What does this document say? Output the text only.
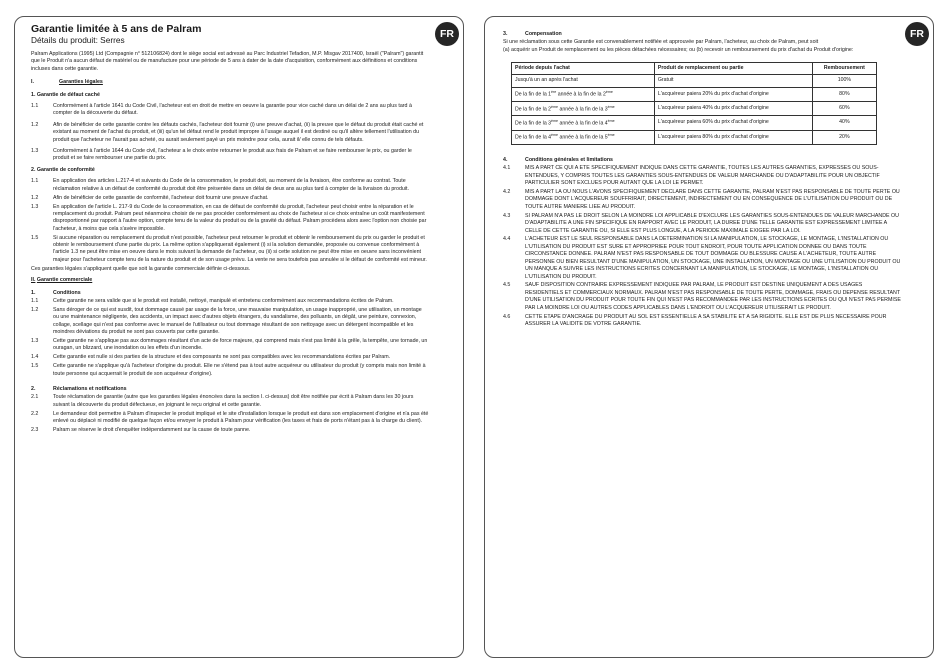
FR
Garantie limitée à 5 ans de Palram
Détails du produit: Serres
Palram Applications (1995) Ltd (Compagnie n° 512106824) dont le siège social est adressé au Parc Industriel Tefadion, M.P. Misgav 2017400, Israël ("Palram") garantit que le Produit n'a aucun défaut de matériel ou de manufacture pour une période de 5 ans à dater de la date d'acquisition, conformément aux définitions et conditions incluses dans cette garantie.
I.	Garanties légales
1. Garantie de défaut caché
1.1	Conformément à l'article 1641 du Code Civil, l'acheteur est en droit de mettre en oeuvre la garantie pour vice caché dans un délai de 2 ans au plus tard à compter de la découverte du défaut.
1.2	Afin de bénéficier de cette garantie contre les défauts cachés, l'acheteur doit fournir (i) une preuve d'achat, (ii) la preuve que le défaut du produit était caché et existant au moment de l'achat du produit, et (iii) qu'un tel défaut rend le produit impropre à l'usage auquel il est destiné ou qu'il altère tellement l'utilisation du produit que l'acheteur ne l'aurait pas acheté, ou aurait seulement payé un prix moindre pour cela, aurait il/ elle connu de tels défauts.
1.3	Conformément à l'article 1644 du Code civil, l'acheteur a le choix entre retourner le produit aux frais de Palram et se faire rembourser le prix, ou garder le produit et se faire rembourser une partie du prix.
2. Garantie de conformité
1.1	En application des articles L.217-4 et suivants du Code de la consommation, le produit doit, au moment de la livraison, être conforme au contrat. Toute réclamation relative à un défaut de conformité du produit doit être présentée dans un délai de deux ans au plus tard à compter de la livraison du produit.
1.2	Afin de bénéficier de cette garantie de conformité, l'acheteur doit fournir une preuve d'achat.
1.3	En application de l'article L. 217-9 du Code de la consommation, en cas de défaut de conformité du produit, l'acheteur peut choisir entre la réparation et le remplacement du produit. Palram peut néanmoins choisir de ne pas procéder conformément au choix de l'acheteur si ce choix entraîne un coût manifestement disproportionné par rapport à l'autre option, compte tenu de la valeur du produit ou de la gravité du défaut. Palram procèdera alors avec l'option non choisie par l'acheteur, à moins que cela s'avère impossible.
1.5	Si aucune réparation ou remplacement du produit n'est possible, l'acheteur peut retourner le produit et obtenir le remboursement du prix ou garder le produit et obtenir le remboursement d'une partie du prix. La même option s'appliquerait également (i) si la solution demandée, proposée ou convenue conformément à l'article 1.3 ne peut être mise en oeuvre dans le mois suivant la demande de l'acheteur, ou (ii) si cette solution ne peut être mise en oeuvre sans inconvénient majeur pour l'acheteur compte tenu de la nature du produit et de son usage prévu. La vente ne sera toutefois pas annulée si le défaut de conformité est mineur.
Ces garanties légales s'appliquent quelle que soit la garantie commerciale définie ci-dessous.
II.
Garantie commerciale
1.	Conditions
1.1	Cette garantie ne sera valide que si le produit est installé, nettoyé, manipulé et entretenu conformément aux recommandations écrites de Palram.
1.2	Sans déroger de ce qui est susdit, tout dommage causé par usage de la force, une mauvaise manipulation, un usage inapproprié, une utilisation, un montage ou une maintenance négligente, des accidents, un impact avec d'autres objets étrangers, du vandalisme, des polluants, un dégât, une peinture, connexion, collage, scellage qui n'est pas conforme avec le manuel de l'utilisateur ou tout dommage résultant de son nettoyage avec un détergent incompatible et les moindres déviations du produit ne sont pas couverts par cette garantie.
1.3	Cette garantie ne s'applique pas aux dommages résultant d'un acte de force majeure, qui comprend mais n'est pas limité à la grêle, la tempête, une tornade, un ouragan, un blizzard, une inondation ou les effets d'un incendie.
1.4	Cette garantie est nulle si des parties de la structure et des composants ne sont pas compatibles avec les recommandations écrites par Palram.
1.5	Cette garantie ne s'applique qu'à l'acheteur d'origine du produit. Elle ne s'étend pas à tout autre acquéreur ou utilisateur du produit (y compris mais non limité à toute personne qui acquerrait le produit de son acquéreur d'origine).
2.	Réclamations et notifications
2.1	Toute réclamation de garantie (autre que les garanties légales énoncées dans la section I. ci-dessus) doit être notifiée par écrit à Palram dans les 30 jours suivant la découverte du produit défectueux, en joignant le reçu original et cette garantie.
2.2	Le demandeur doit permettre à Palram d'inspecter le produit impliqué et le site d'installation lorsque le produit est dans son emplacement d'origine et n'a pas été enlevé ou déplacé ni modifié de quelque façon et/ou envoyer le produit à Palram pour vérification (les taxes et frais de ports n'étant pas à la charge du client).
2.3	Palram se réserve le droit d'enquêter indépendamment sur la cause de toute panne.
FR
3.	Compensation
Si une réclamation sous cette Garantie est convenablement notifiée et approuvée par Palram, l'acheteur, au choix de Palram, peut soit
(a) acquérir un Produit de remplacement ou les pièces détachées nécessaires; ou (b) recevoir un remboursement du prix d'achat du Produit d'origine:
Période depuis l'achat	Produit de remplacement ou partie	Remboursement
Jusqu'à un an après l'achat	Gratuit	100%
De la fin de la 1ère année à la fin de la 2ème	L'acquéreur paiera 20% du prix d'achat d'origine	80%
De la fin de la 2ème année à la fin de la 3ème	L'acquéreur paiera 40% du prix d'achat d'origine	60%
De la fin de la 3ème année à la fin de la 4ème	L'acquéreur paiera 60% du prix d'achat d'origine	40%
De la fin de la 4ème année à la fin de la 5ème	L'acquéreur paiera 80% du prix d'achat d'origine	20%
4.	Conditions générales et limitations
4.1	MIS A PART CE QUI A ETE SPECIFIQUEMENT INDIQUE DANS CETTE GARANTIE, TOUTES LES AUTRES GARANTIES, EXPRESSES OU SOUS-ENTENDUES, Y COMPRIS TOUTES LES GARANTIES SOUS-ENTENDUES DE VALEUR MARCHANDE OU D'ADAPTABILITE POUR UN OBJECTIF PARTICULIER SONT EXCLUES POUR AUTANT QUE LA LOI LE PERMET.
4.2	MIS A PART LA OU NOUS L'AVONS SPECIFIQUEMENT DECLARE DANS CETTE GARANTIE, PALRAM N'EST PAS RESPONSABLE DE TOUTE PERTE OU DOMMAGE DONT L'ACQUEREUR SOUFFRIRAIT, DIRECTEMENT, INDIRECTEMENT OU EN CONSEQUENCE DE L'UTILISATION DU PRODUIT OU DE TOUTE AUTRE MANIERE LIEE AU PRODUIT.
4.3	SI PALRAM N'A PAS LE DROIT SELON LA MOINDRE LOI APPLICABLE D'EXCLURE LES GARANTIES SOUS-ENTENDUES DE VALEUR MARCHANDE OU D'ADAPTABILITE A UNE FIN SPECIFIQUE EN RAPPORT AVEC LE PRODUIT, LA DUREE D'UNE TELLE GARANTIE EST EXPRESSEMENT LIMITEE A CELLE DE CETTE GARANTIE OU, SI ELLE EST PLUS LONGUE, A LA PERIODE MAXIMALE EXIGEE PAR LA LOI.
4.4	L'ACHETEUR EST LE SEUL RESPONSABLE DANS LA DETERMINATION SI LA MANIPULATION, LE STOCKAGE, LE MONTAGE, L'INSTALLATION OU L'UTILISATION DU PRODUIT EST SURE ET APPROPRIEE POUR TOUT ENDROIT, POUR TOUTE APPLICATION DONNEE OU DANS TOUTE CIRCONSTANCE DONNEE. PALRAM N'EST PAS RESPONSABLE DE TOUT DOMMAGE OU BLESSURE CAUSE A L'ACHETEUR, TOUTE AUTRE PERSONNE OU BIEN RESULTANT D'UNE MANIPULATION, UN STOCKAGE, UNE INSTALLATION, UN MONTAGE OU UNE UTILISATION DU PRODUIT OU UN MANQUE A SUIVRE LES INSTRUCTIONS ECRITES CONCERNANT LA MANIPULATION, LE STOCKAGE, LE MONTAGE, L'INSTALLATION OU L'UTILISATION DU PRODUIT.
4.5	SAUF DISPOSITION CONTRAIRE EXPRESSEMENT INDIQUEE PAR PALRAM, LE PRODUIT EST DESTINE UNIQUEMENT A DES USAGES RESIDENTIELS ET COMMERCIAUX NORMAUX. PALRAM N'EST PAS RESPONSABLE DE TOUTE PERTE, DOMMAGE, FRAIS OU DEPENSE RESULTANT D'UNE UTILISATION DU PRODUIT POUR TOUTE FIN QUI N'EST PAS RECOMMANDEE PAR LES INSTRUCTIONS ECRITES OU QUI N'EST PAS PERMISE PAR LA MOINDRE LOI OU AUTRES CODES APPLICABLES DANS L'ENDROIT OU L'ACQUEREUR UTILISERAIT LE PRODUIT.
4.6	CETTE ETAPE D'ANCRAGE DU PRODUIT AU SOL EST ESSENTIELLE A SA STABILITE ET A SA RIGIDITE. ELLE EST DE PLUS NECESSAIRE POUR ASSURER LA VALIDITE DE VOTRE GARANTIE.
